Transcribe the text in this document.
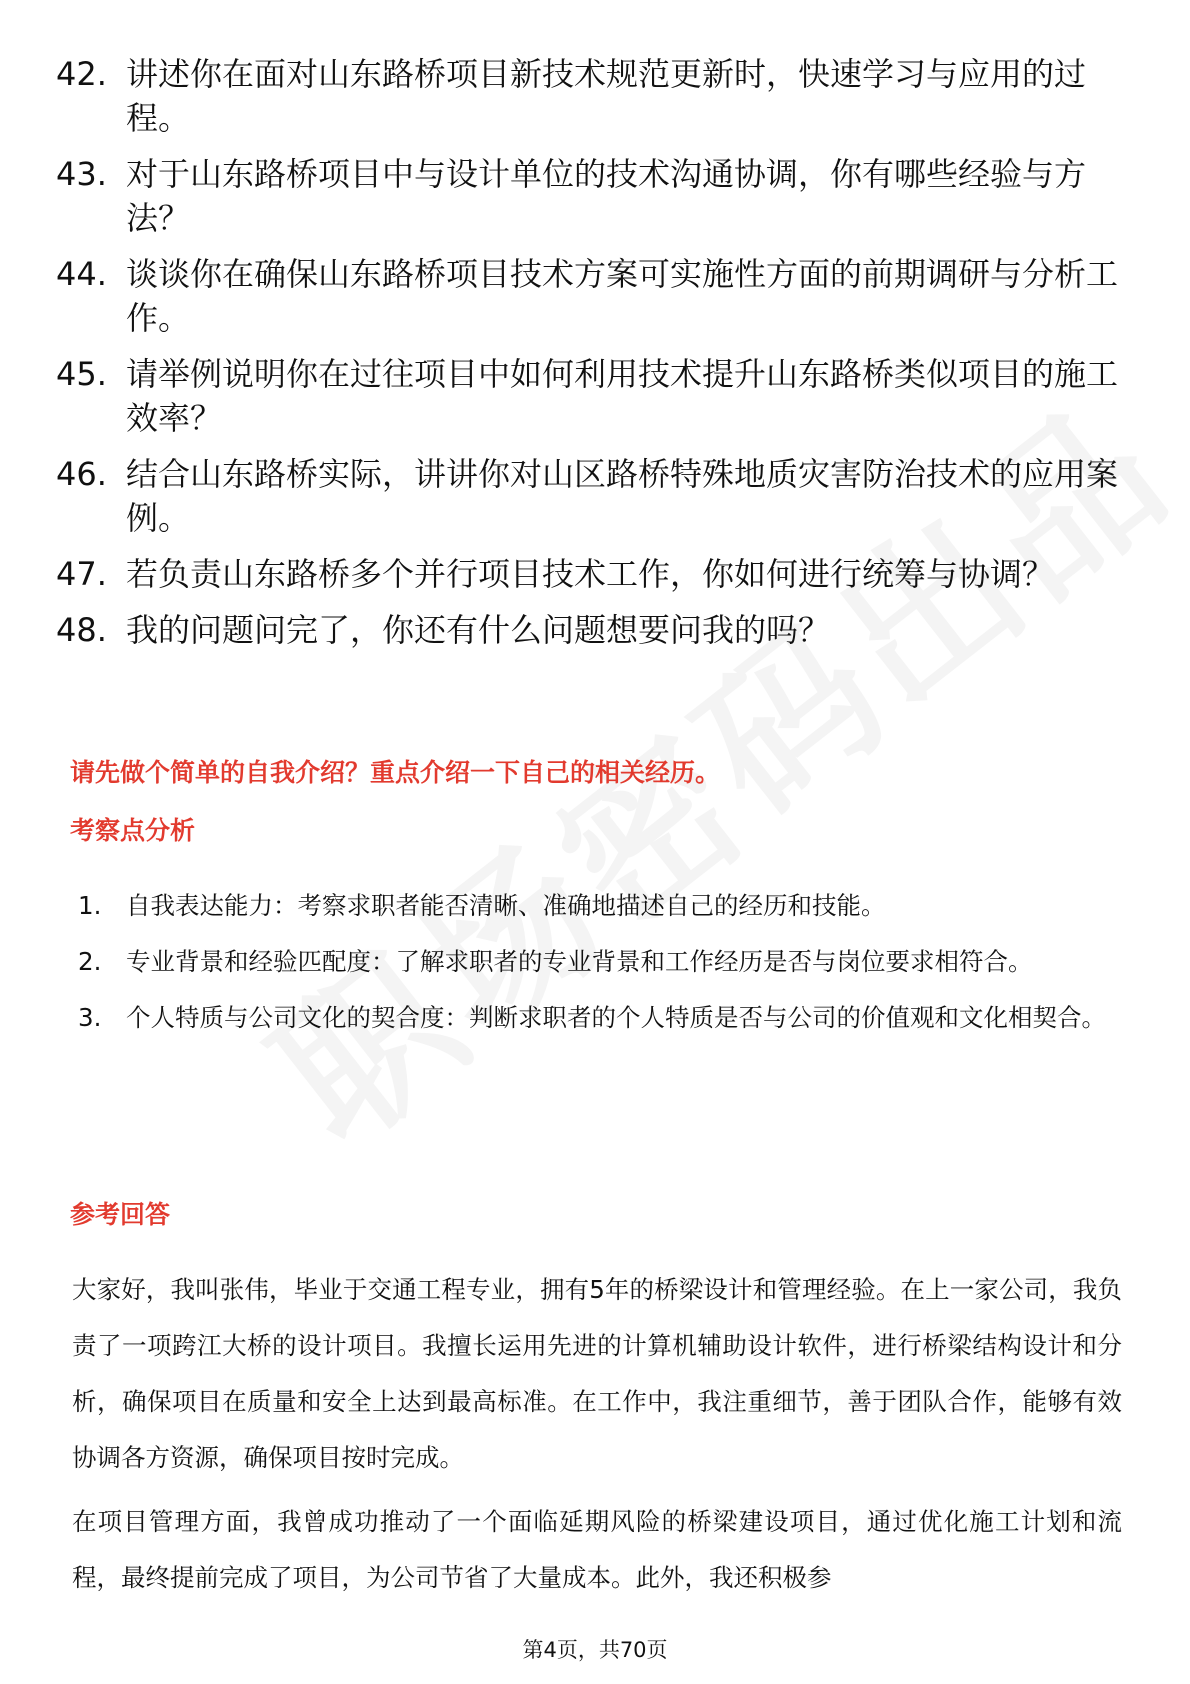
42. 讲述你在面对山东路桥项目新技术规范更新时，快速学习与应用的过程。
43. 对于山东路桥项目中与设计单位的技术沟通协调，你有哪些经验与方法？
44. 谈谈你在确保山东路桥项目技术方案可实施性方面的前期调研与分析工作。
45. 请举例说明你在过往项目中如何利用技术提升山东路桥类似项目的施工效率？
46. 结合山东路桥实际，讲讲你对山区路桥特殊地质灾害防治技术的应用案例。
47. 若负责山东路桥多个并行项目技术工作，你如何进行统筹与协调？
48. 我的问题问完了，你还有什么问题想要问我的吗？
请先做个简单的自我介绍？重点介绍一下自己的相关经历。
考察点分析
1.	自我表达能力：考察求职者能否清晰、准确地描述自己的经历和技能。
2.	专业背景和经验匹配度：了解求职者的专业背景和工作经历是否与岗位要求相符合。
3.	个人特质与公司文化的契合度：判断求职者的个人特质是否与公司的价值观和文化相契合。
参考回答

大家好，我叫张伟，毕业于交通工程专业，拥有5年的桥梁设计和管理经验。在上一家公司，我负责了一项跨江大桥的设计项目。我擅长运用先进的计算机辅助设计软件，进行桥梁结构设计和分析，确保项目在质量和安全上达到最高标准。在工作中，我注重细节，善于团队合作，能够有效协调各方资源，确保项目按时完成。

在项目管理方面，我曾成功推动了一个面临延期风险的桥梁建设项目，通过优化施工计划和流程，最终提前完成了项目，为公司节省了大量成本。此外，我还积极参

第4页，共70页
